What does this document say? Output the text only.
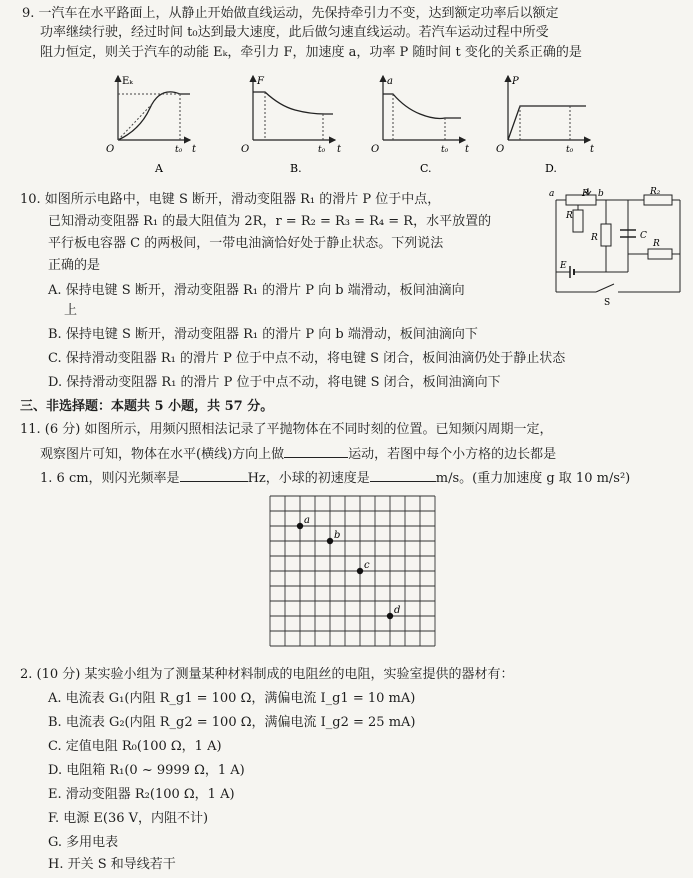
9. 一汽车在水平路面上，从静止开始做直线运动，先保持牵引力不变，达到额定功率后以额定
功率继续行驶，经过时间 t₀达到最大速度，此后做匀速直线运动。若汽车运动过程中所受
阻力恒定，则关于汽车的动能 Eₖ，牵引力 F，加速度 a，功率 P 随时间 t 变化的关系正确的是
Eₖ
O	t₀ t
F
O	t₀ t
a
O	t₀ t
P
O	t₀ t
A	B.	C.	D.
10. 如图所示电路中，电键 S 断开，滑动变阻器 R₁ 的滑片 P 位于中点，
已知滑动变阻器 R₁ 的最大阻值为 2R，r = R₂ = R₃ = R₄ = R，水平放置的
平行板电容器 C 的两极间，一带电油滴恰好处于静止状态。下列说法
正确的是
A. 保持电键 S 断开，滑动变阻器 R₁ 的滑片 P 向 b 端滑动，板间油滴向
上
B. 保持电键 S 断开，滑动变阻器 R₁ 的滑片 P 向 b 端滑动，板间油滴向下
C. 保持滑动变阻器 R₁ 的滑片 P 位于中点不动，将电键 S 闭合，板间油滴仍处于静止状态
D. 保持滑动变阻器 R₁ 的滑片 P 位于中点不动，将电键 S 闭合，板间油滴向下
a	P b	R₂
R
R	C
E
R
S
三、非选择题：本题共 5 小题，共 57 分。
11. (6 分) 如图所示，用频闪照相法记录了平抛物体在不同时刻的位置。已知频闪周期一定，
观察图片可知，物体在水平(横线)方向上做	运动，若图中每个小方格的边长都是
1. 6 cm，则闪光频率是	Hz，小球的初速度是	m/s。(重力加速度 g 取 10 m/s²)
a
b
c
d
2. (10 分) 某实验小组为了测量某种材料制成的电阻丝的电阻，实验室提供的器材有：
A. 电流表 G₁(内阻 R_g1 = 100 Ω，满偏电流 I_g1 = 10 mA)
B. 电流表 G₂(内阻 R_g2 = 100 Ω，满偏电流 I_g2 = 25 mA)
C. 定值电阻 R₀(100 Ω，1 A)
D. 电阻箱 R₁(0 ~ 9999 Ω，1 A)
E. 滑动变阻器 R₂(100 Ω，1 A)
F. 电源 E(36 V，内阻不计)
G. 多用电表
H. 开关 S 和导线若干
